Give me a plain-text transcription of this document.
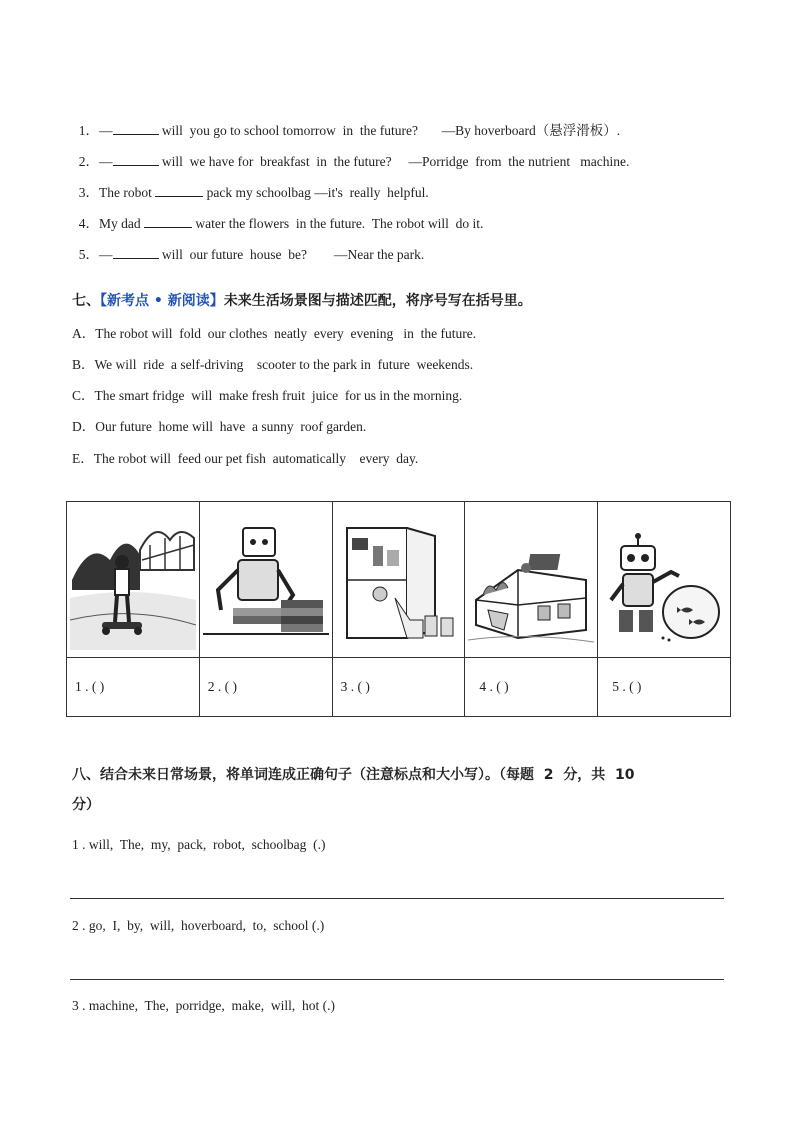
1．—	will  you go to school tomorrow  in  the future?       —By hoverboard（悬浮滑板）.

2．—	will  we have for  breakfast  in  the future?     —Porridge  from  the nutrient   machine.

3．The robot	pack my schoolbag —it's  really  helpful.

4．My dad	water the flowers  in the future.  The robot will  do it.

5．—	will  our future  house  be?        —Near the park.

七、【新考点 • 新阅读】未来生活场景图与描述匹配，将序号写在括号里。
A．The robot will  fold  our clothes  neatly  every  evening   in  the future.
B．We will  ride  a self-driving    scooter to the park in  future  weekends.
C．The smart fridge  will  make fresh fruit  juice  for us in the morning.
D．Our future  home will  have  a sunny  roof garden.
E．The robot will  feed our pet fish  automatically    every  day.

1 . ( )	2 . ( )	3 . ( )	4 . ( )	5 . ( )
八、结合未来日常场景，将单词连成正确句子（注意标点和大小写）。（每题  2  分，共  10
分）
1 . will,  The,  my,  pack,  robot,  schoolbag  (.)
2 . go,  I,  by,  will,  hoverboard,  to,  school (.)
3 . machine,  The,  porridge,  make,  will,  hot (.)
